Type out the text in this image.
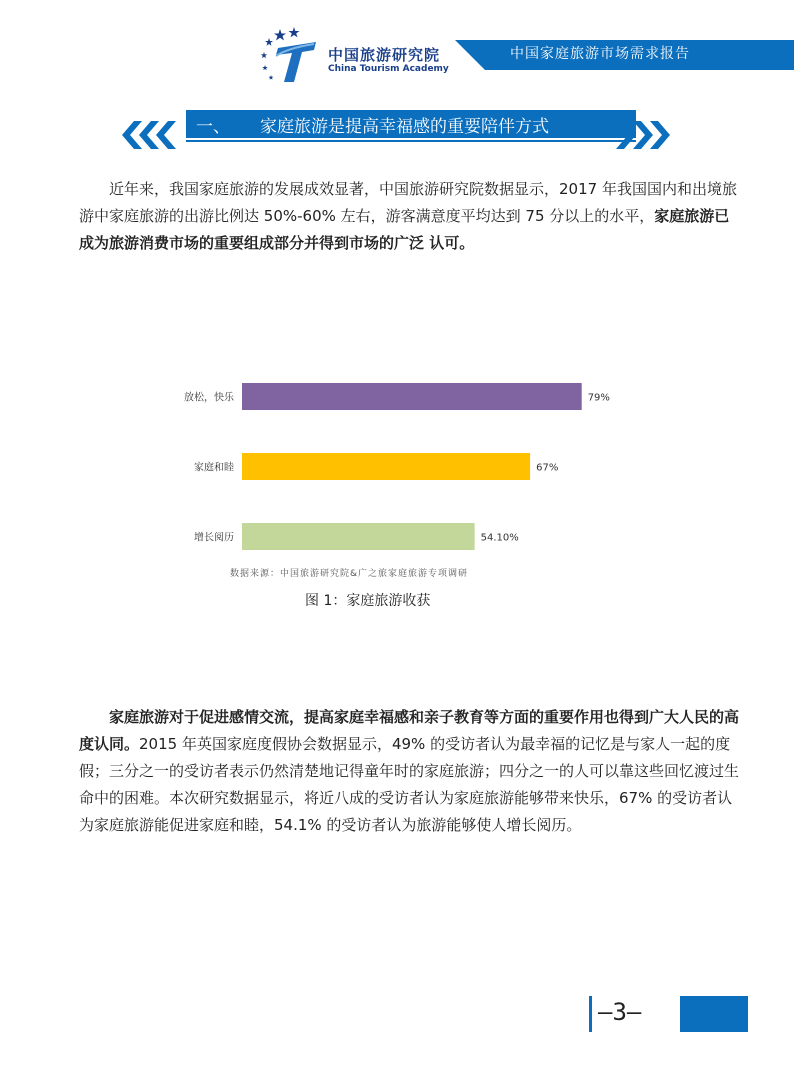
中国旅游研究院
China Tourism Academy
中国家庭旅游市场需求报告
一、 家庭旅游是提高幸福感的重要陪伴方式
近年来，我国家庭旅游的发展成效显著，中国旅游研究院数据显示，2017 年我国国内和出境旅游中家庭旅游的出游比例达 50%-60% 左右，游客满意度平均达到 75 分以上的水平，家庭旅游已成为旅游消费市场的重要组成部分并得到市场的广泛 认可。
放松，快乐	79%
家庭和睦	67%
增长阅历	54.10%
数据来源：中国旅游研究院&广之旅家庭旅游专项调研
图 1：家庭旅游收获
家庭旅游对于促进感情交流，提高家庭幸福感和亲子教育等方面的重要作用也得到广大人民的高度认同。2015 年英国家庭度假协会数据显示，49% 的受访者认为最幸福的记忆是与家人一起的度假；三分之一的受访者表示仍然清楚地记得童年时的家庭旅游；四分之一的人可以靠这些回忆渡过生命中的困难。本次研究数据显示，将近八成的受访者认为家庭旅游能够带来快乐，67% 的受访者认为家庭旅游能促进家庭和睦，54.1% 的受访者认为旅游能够使人增长阅历。
–3–
